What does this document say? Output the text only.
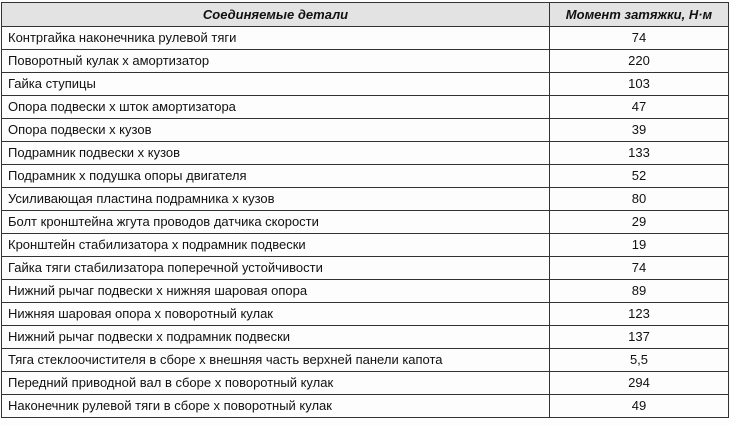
Соединяемые детали	Момент затяжки, Н·м
Контргайка наконечника рулевой тяги	74
Поворотный кулак x амортизатор	220
Гайка ступицы	103
Опора подвески x шток амортизатора	47
Опора подвески x кузов	39
Подрамник подвески x кузов	133
Подрамник x подушка опоры двигателя	52
Усиливающая пластина подрамника x кузов	80
Болт кронштейна жгута проводов датчика скорости	29
Кронштейн стабилизатора x подрамник подвески	19
Гайка тяги стабилизатора поперечной устойчивости	74
Нижний рычаг подвески x нижняя шаровая опора	89
Нижняя шаровая опора x поворотный кулак	123
Нижний рычаг подвески x подрамник подвески	137
Тяга стеклоочистителя в сборе x внешняя часть верхней панели капота	5,5
Передний приводной вал в сборе x поворотный кулак	294
Наконечник рулевой тяги в сборе x поворотный кулак	49
